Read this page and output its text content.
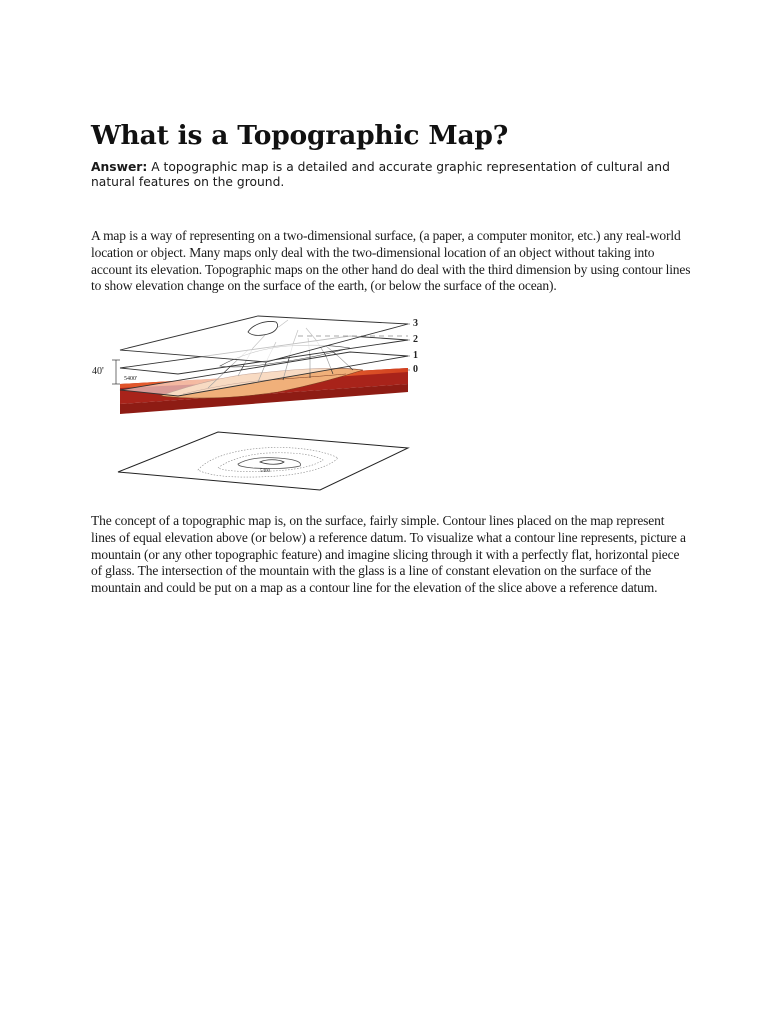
What is a Topographic Map?

Answer: A topographic map is a detailed and accurate graphic representation of cultural and natural features on the ground.

A map is a way of representing on a two-dimensional surface, (a paper, a computer monitor, etc.) any real-world location or object. Many maps only deal with the two-dimensional location of an object without taking into account its elevation. Topographic maps on the other hand do deal with the third dimension by using contour lines to show elevation change on the surface of the earth, (or below the surface of the ocean).

3
2
1
0
40'
5400'
5400

The concept of a topographic map is, on the surface, fairly simple. Contour lines placed on the map represent lines of equal elevation above (or below) a reference datum. To visualize what a contour line represents, picture a mountain (or any other topographic feature) and imagine slicing through it with a perfectly flat, horizontal piece of glass. The intersection of the mountain with the glass is a line of constant elevation on the surface of the mountain and could be put on a map as a contour line for the elevation of the slice above a reference datum.
